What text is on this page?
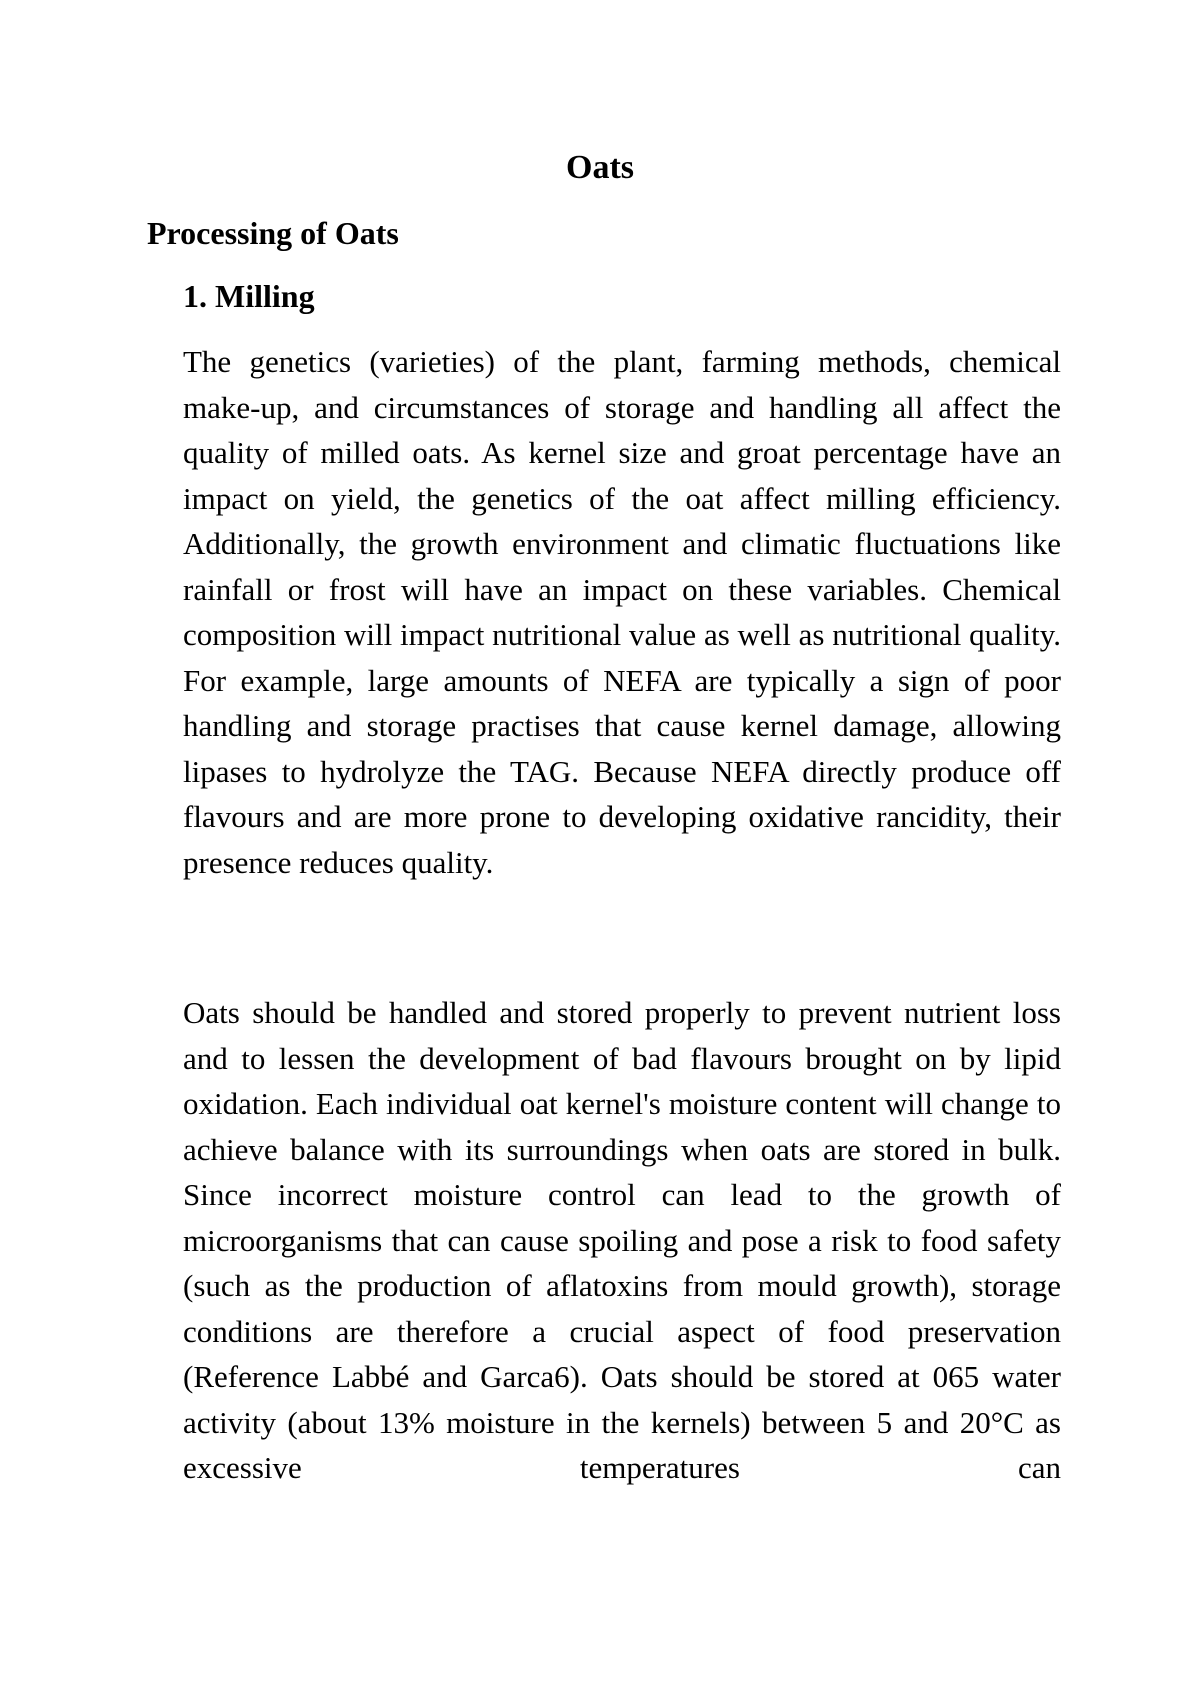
Oats
Processing of Oats
1. Milling

The genetics (varieties) of the plant, farming methods, chemical make-up, and circumstances of storage and handling all affect the quality of milled oats. As kernel size and groat percentage have an impact on yield, the genetics of the oat affect milling efficiency. Additionally, the growth environment and climatic fluctuations like rainfall or frost will have an impact on these variables. Chemical composition will impact nutritional value as well as nutritional quality. For example, large amounts of NEFA are typically a sign of poor handling and storage practises that cause kernel damage, allowing lipases to hydrolyze the TAG. Because NEFA directly produce off flavours and are more prone to developing oxidative rancidity, their presence reduces quality.

Oats should be handled and stored properly to prevent nutrient loss and to lessen the development of bad flavours brought on by lipid oxidation. Each individual oat kernel's moisture content will change to achieve balance with its surroundings when oats are stored in bulk. Since incorrect moisture control can lead to the growth of microorganisms that can cause spoiling and pose a risk to food safety (such as the production of aflatoxins from mould growth), storage conditions are therefore a crucial aspect of food preservation (Reference Labbé and Garca6). Oats should be stored at 065 water activity (about 13% moisture in the kernels) between 5 and 20°C as excessive temperatures can
